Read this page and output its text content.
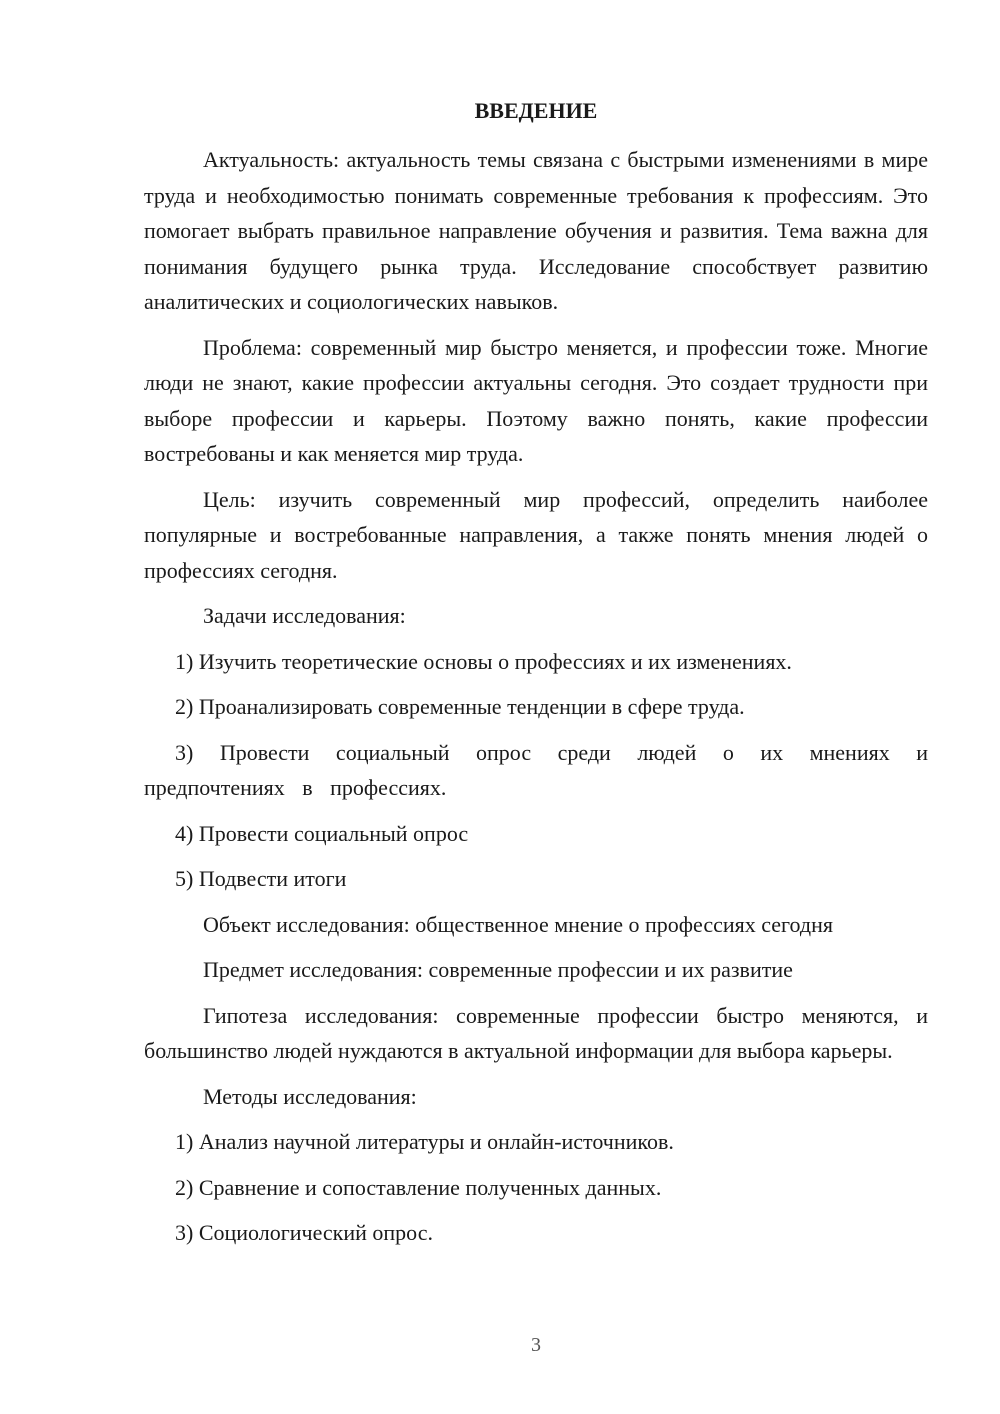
ВВЕДЕНИЕ

Актуальность: актуальность темы связана с быстрыми изменениями в мире труда и необходимостью понимать современные требования к профессиям. Это помогает выбрать правильное направление обучения и развития. Тема важна для понимания будущего рынка труда. Исследование способствует развитию аналитических и социологических навыков.

Проблема: современный мир быстро меняется, и профессии тоже. Многие люди не знают, какие профессии актуальны сегодня. Это создает трудности при выборе профессии и карьеры. Поэтому важно понять, какие профессии востребованы и как меняется мир труда.

Цель: изучить современный мир профессий, определить наиболее популярные и востребованные направления, а также понять мнения людей о профессиях сегодня.

Задачи исследования:

1) Изучить теоретические основы о профессиях и их изменениях.

2) Проанализировать современные тенденции в сфере труда.

3) Провести социальный опрос среди людей о их мнениях и предпочтениях в профессиях.

4) Провести социальный опрос

5) Подвести итоги

Объект исследования: общественное мнение о профессиях сегодня

Предмет исследования: современные профессии и их развитие

Гипотеза исследования: современные профессии быстро меняются, и большинство людей нуждаются в актуальной информации для выбора карьеры.

Методы исследования:

1) Анализ научной литературы и онлайн-источников.

2) Сравнение и сопоставление полученных данных.

3) Социологический опрос.

3
